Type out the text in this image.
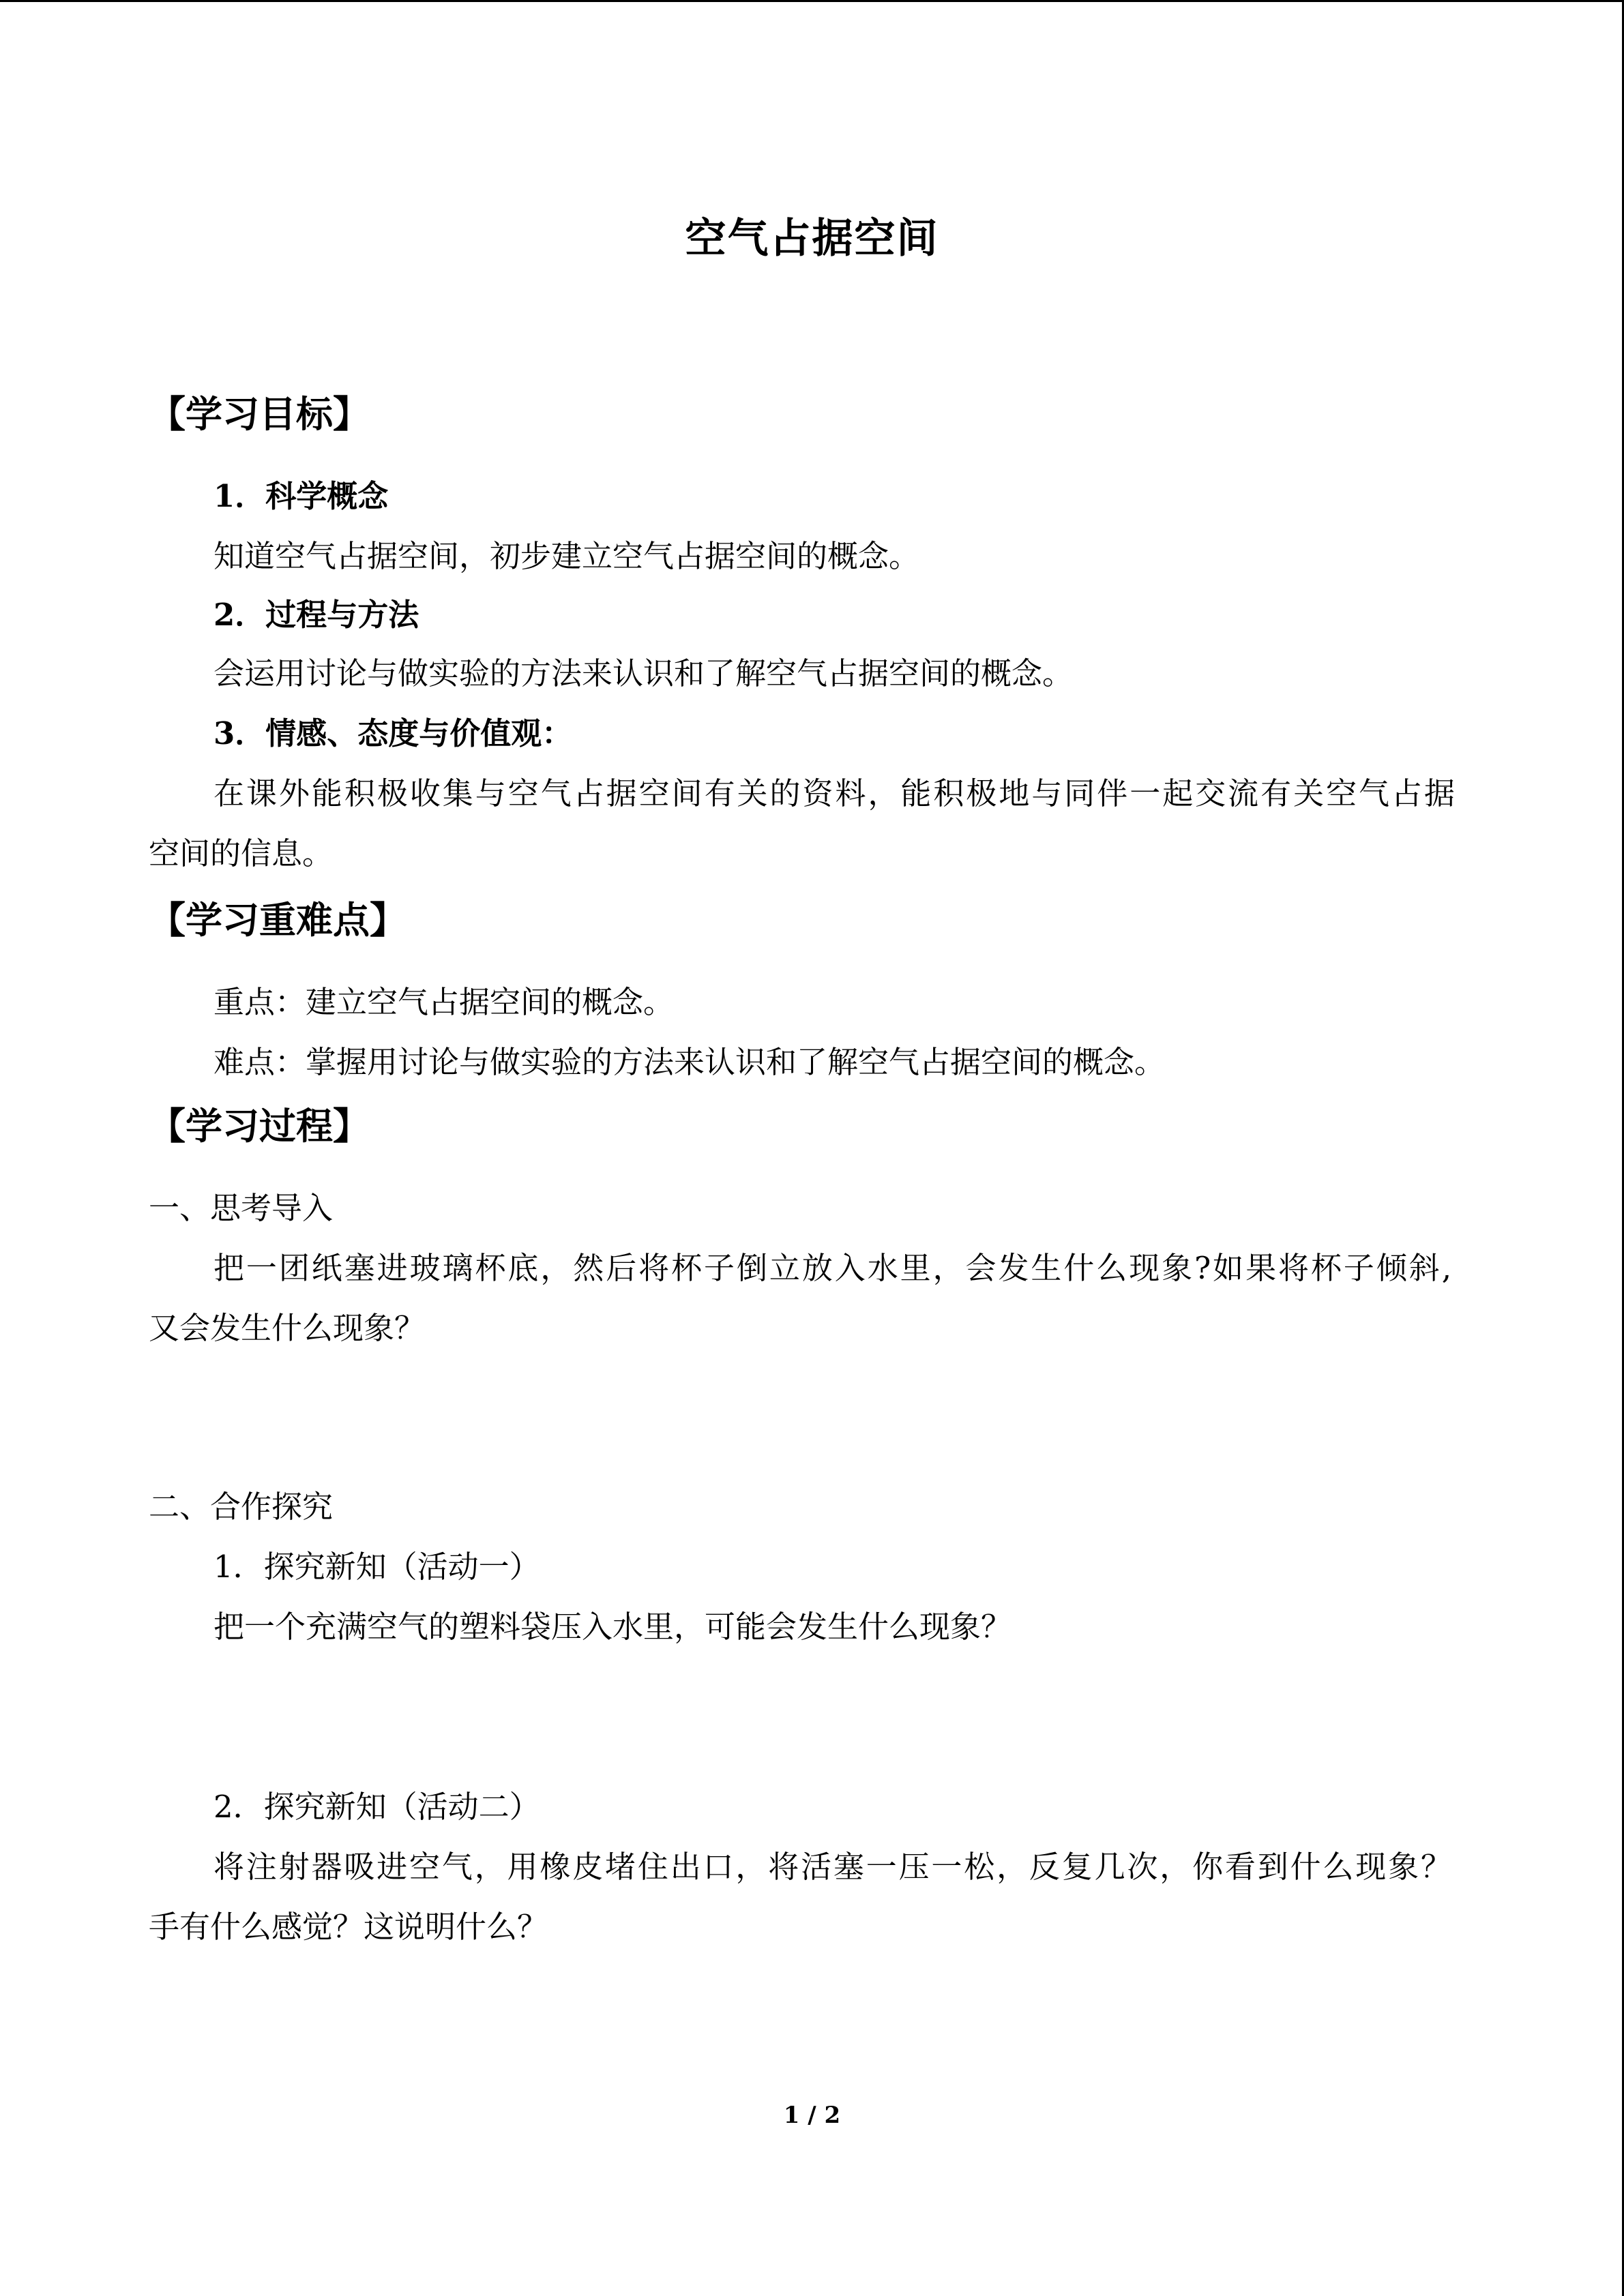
空气占据空间
【学习目标】
1．科学概念
知道空气占据空间，初步建立空气占据空间的概念。
2．过程与方法
会运用讨论与做实验的方法来认识和了解空气占据空间的概念。
3．情感、态度与价值观：
在课外能积极收集与空气占据空间有关的资料，能积极地与同伴一起交流有关空气占据
空间的信息。
【学习重难点】
重点：建立空气占据空间的概念。
难点：掌握用讨论与做实验的方法来认识和了解空气占据空间的概念。
【学习过程】
一、思考导入
把一团纸塞进玻璃杯底，然后将杯子倒立放入水里，会发生什么现象?如果将杯子倾斜,
又会发生什么现象？
二、合作探究
1．探究新知（活动一）
把一个充满空气的塑料袋压入水里，可能会发生什么现象？
2．探究新知（活动二）
将注射器吸进空气，用橡皮堵住出口，将活塞一压一松，反复几次，你看到什么现象？
手有什么感觉？这说明什么？
1 / 2
